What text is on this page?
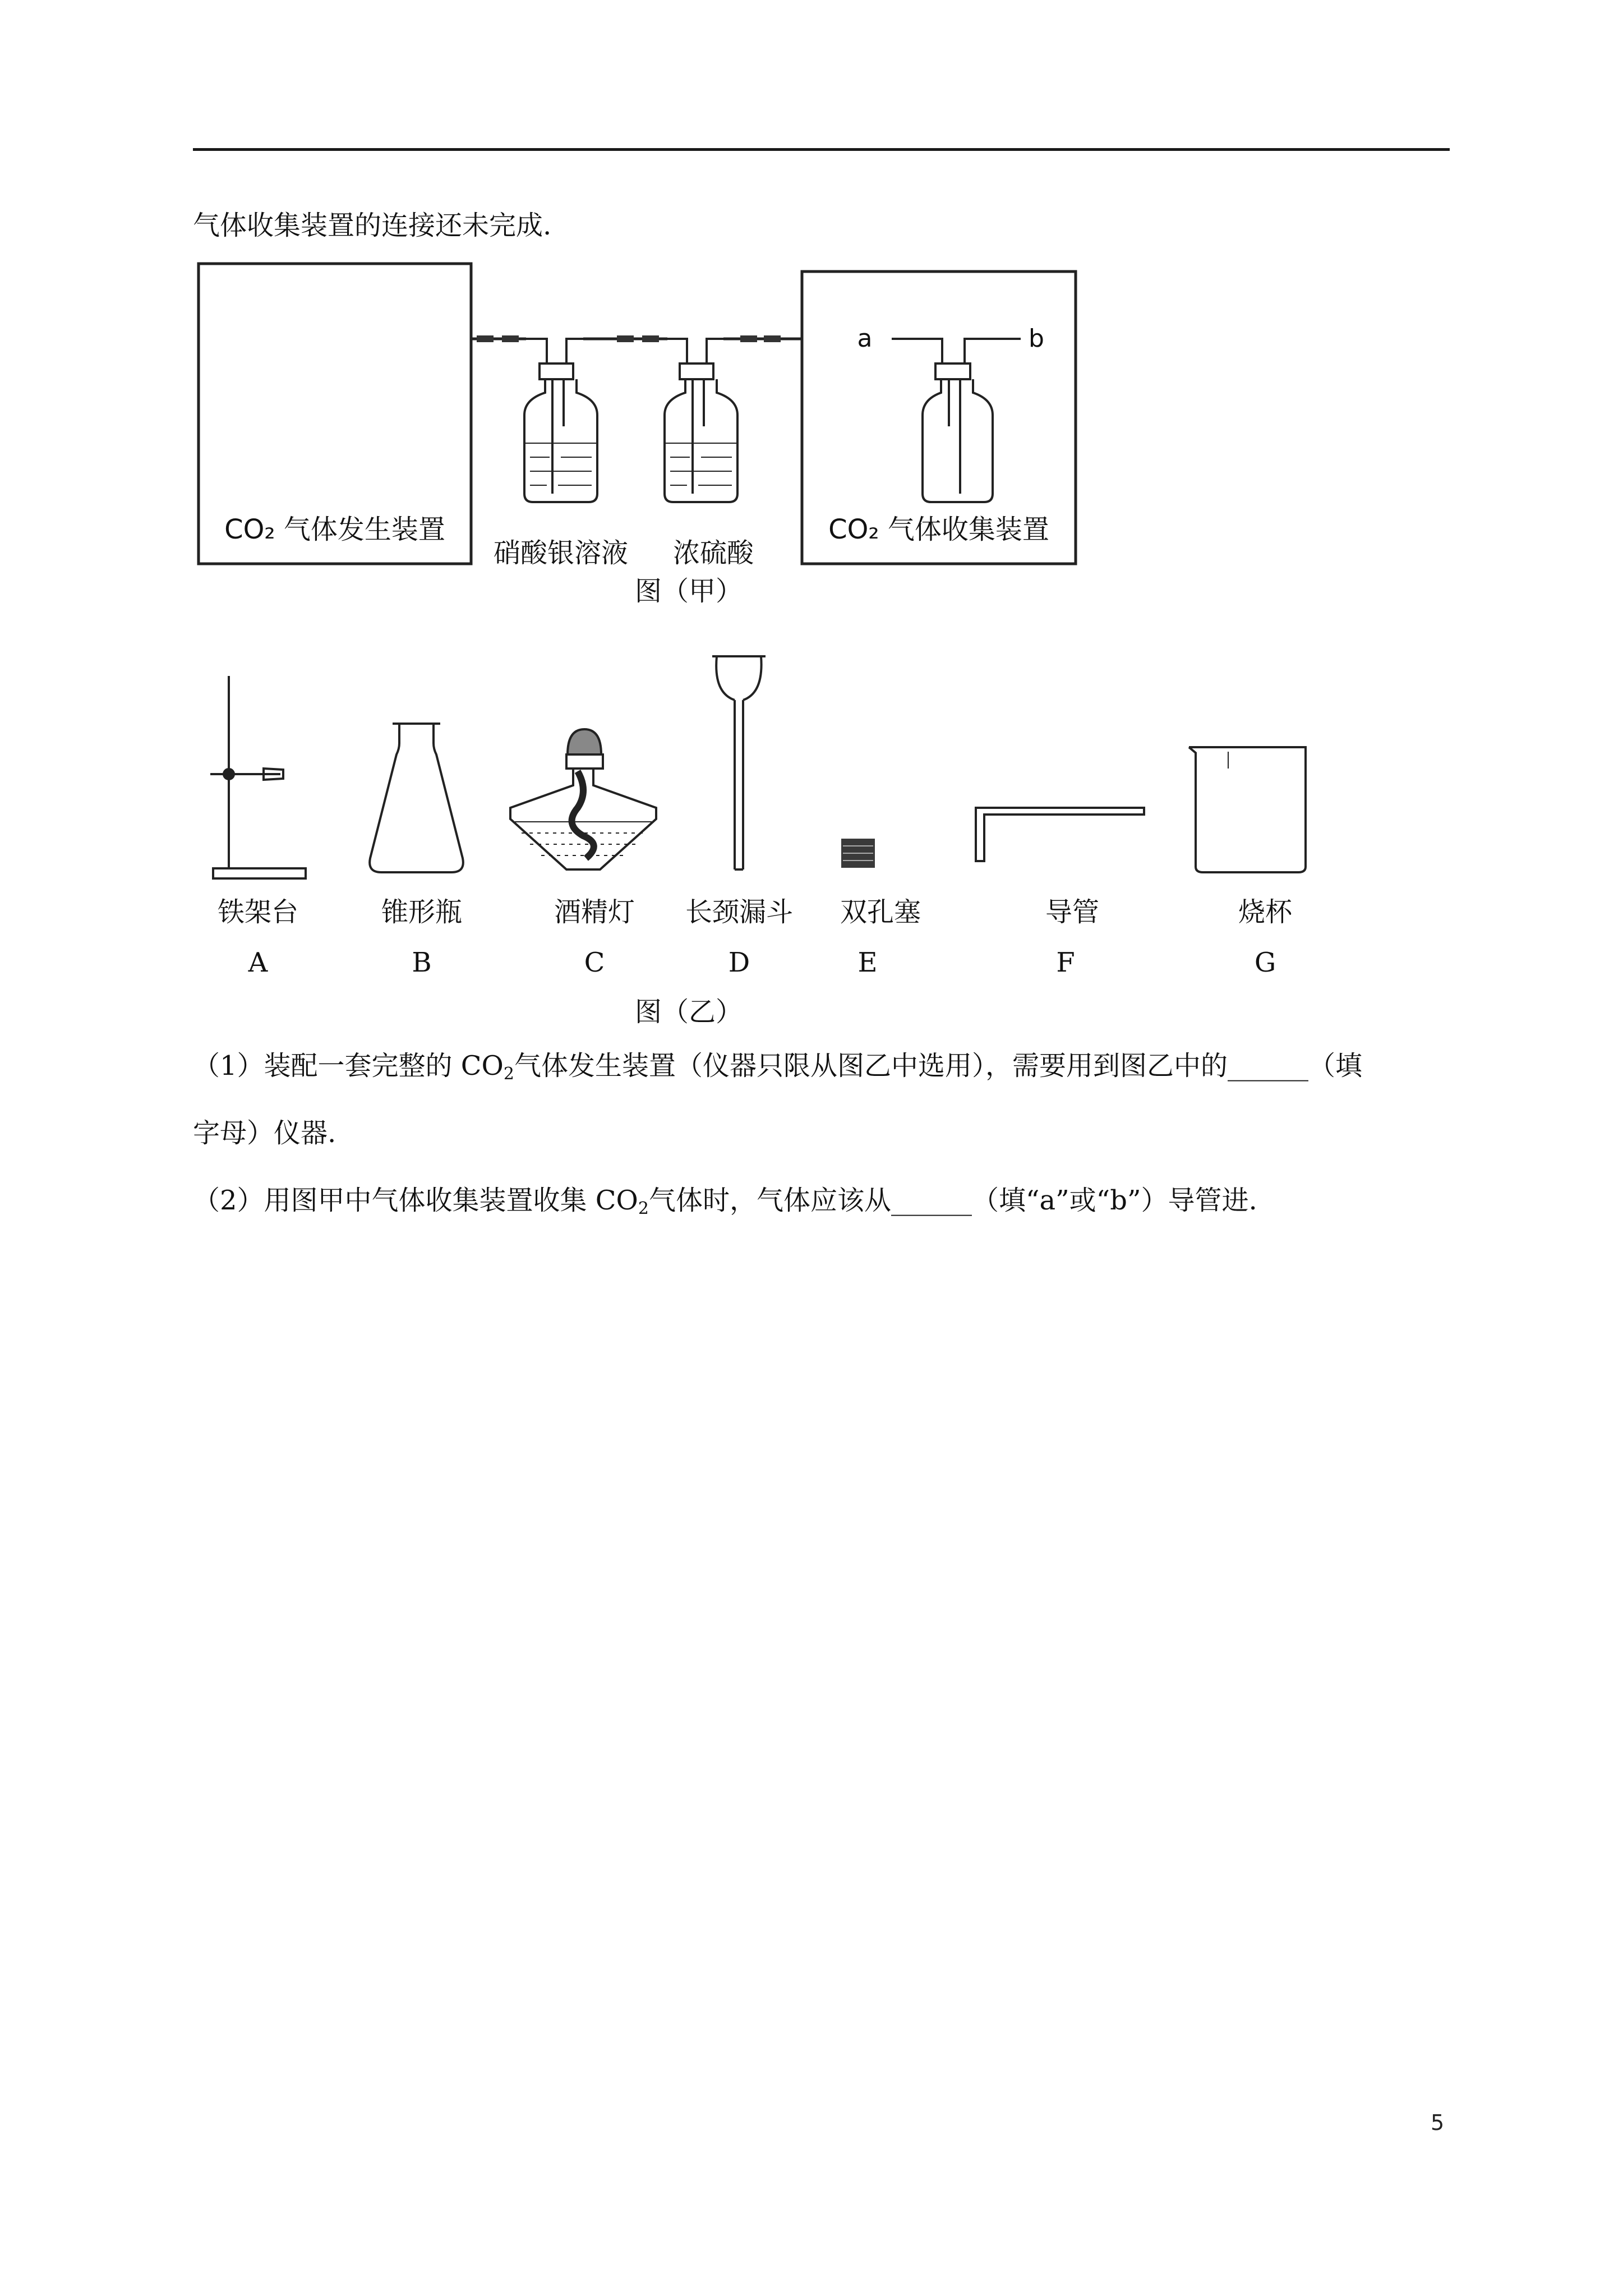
气体收集装置的连接还未完成.
CO₂ 气体发生装置
硝酸银溶液 浓硫酸
a	b
CO₂ 气体收集装置
图（甲）
铁架台
A
锥形瓶
B
酒精灯
C
长颈漏斗
D
双孔塞
E
导管
F
烧杯
G
图（乙）
（1）装配一套完整的 $CO_2$气体发生装置（仪器只限从图乙中选用），需要用到图乙中的______（填
字母）仪器.
（2）用图甲中气体收集装置收集 $CO_2$气体时，气体应该从______（填“a”或“b”）导管进.
5
